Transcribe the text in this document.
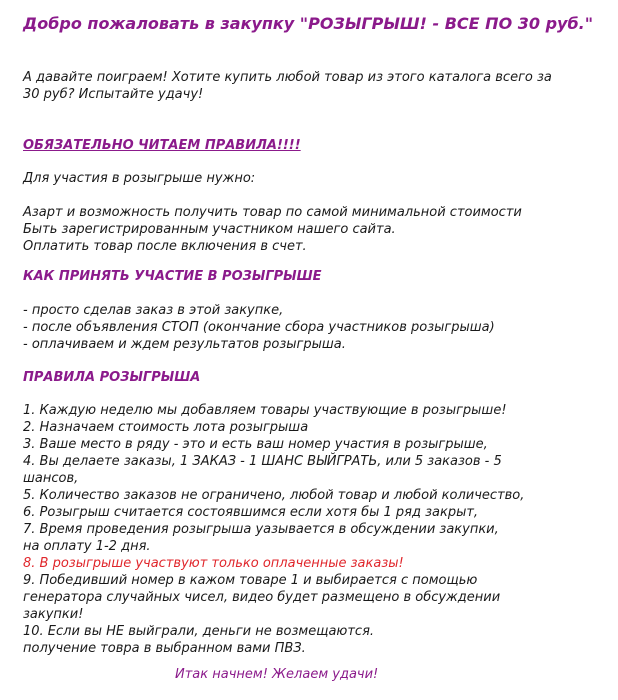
Добро пожаловать в закупку "РОЗЫГРЫШ! - ВСЕ ПО 30 руб."
А давайте поиграем! Хотите купить любой товар из этого каталога всего за
30 руб? Испытайте удачу!
ОБЯЗАТЕЛЬНО ЧИТАЕМ ПРАВИЛА!!!!
Для участия в розыгрыше нужно:
Азарт и возможность получить товар по самой минимальной стоимости
Быть зарегистрированным участником нашего сайта.
Оплатить товар после включения в счет.
КАК ПРИНЯТЬ УЧАСТИЕ В РОЗЫГРЫШЕ
- просто сделав заказ в этой закупке,
- после объявления СТОП (окончание сбора участников розыгрыша)
- оплачиваем и ждем результатов розыгрыша.
ПРАВИЛА РОЗЫГРЫША
1. Каждую неделю мы добавляем товары участвующие в розыгрыше!
2. Назначаем стоимость лота розыгрыша
3. Ваше место в ряду - это и есть ваш номер участия в розыгрыше,
4. Вы делаете заказы, 1 ЗАКАЗ - 1 ШАНС ВЫЙГРАТЬ, или 5 заказов - 5
шансов,
5. Количество заказов не ограничено, любой товар и любой количество,
6. Розыгрыш считается состоявшимся если хотя бы 1 ряд закрыт,
7. Время проведения розыгрыша уазывается в обсуждении закупки,
на оплату 1-2 дня.
8. В розыгрыше участвуют только оплаченные заказы!
9. Победивший номер в кажом товаре 1 и выбирается с помощью
генератора случайных чисел, видео будет размещено в обсуждении
закупки!
10. Если вы НЕ выйграли, деньги не возмещаются.
получение товра в выбранном вами ПВЗ.
Итак начнем! Желаем удачи!
